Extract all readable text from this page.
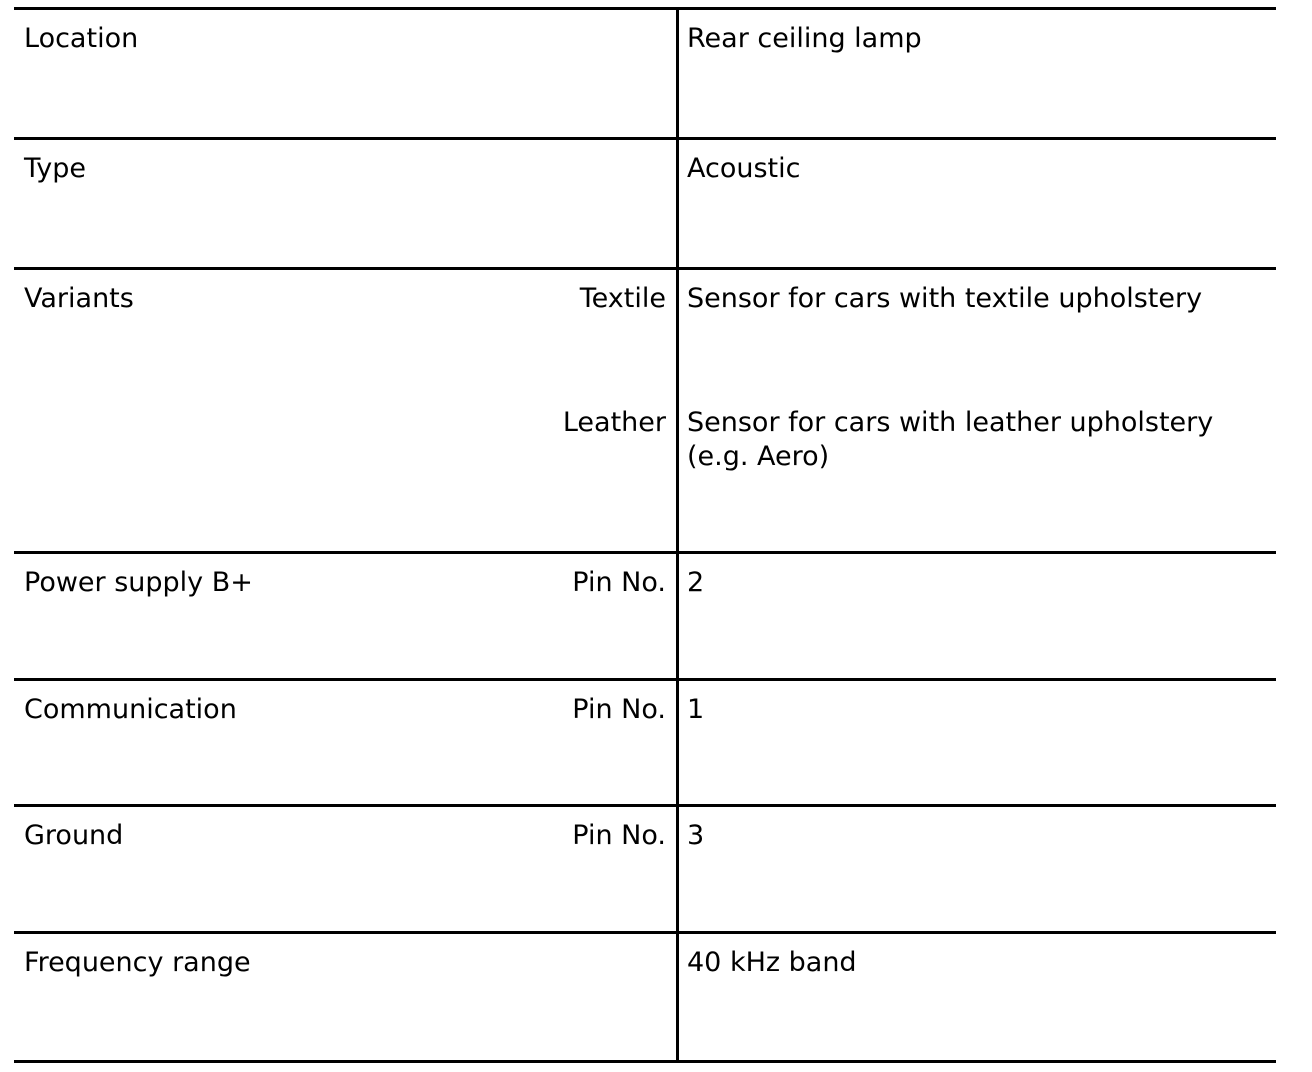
Location	Rear ceiling lamp
Type	Acoustic
Variants	Textile Sensor for cars with textile upholstery
Leather Sensor for cars with leather upholstery
(e.g. Aero)
Power supply B+	Pin No. 2
Communication	Pin No. 1
Ground	Pin No. 3
Frequency range	40 kHz band
